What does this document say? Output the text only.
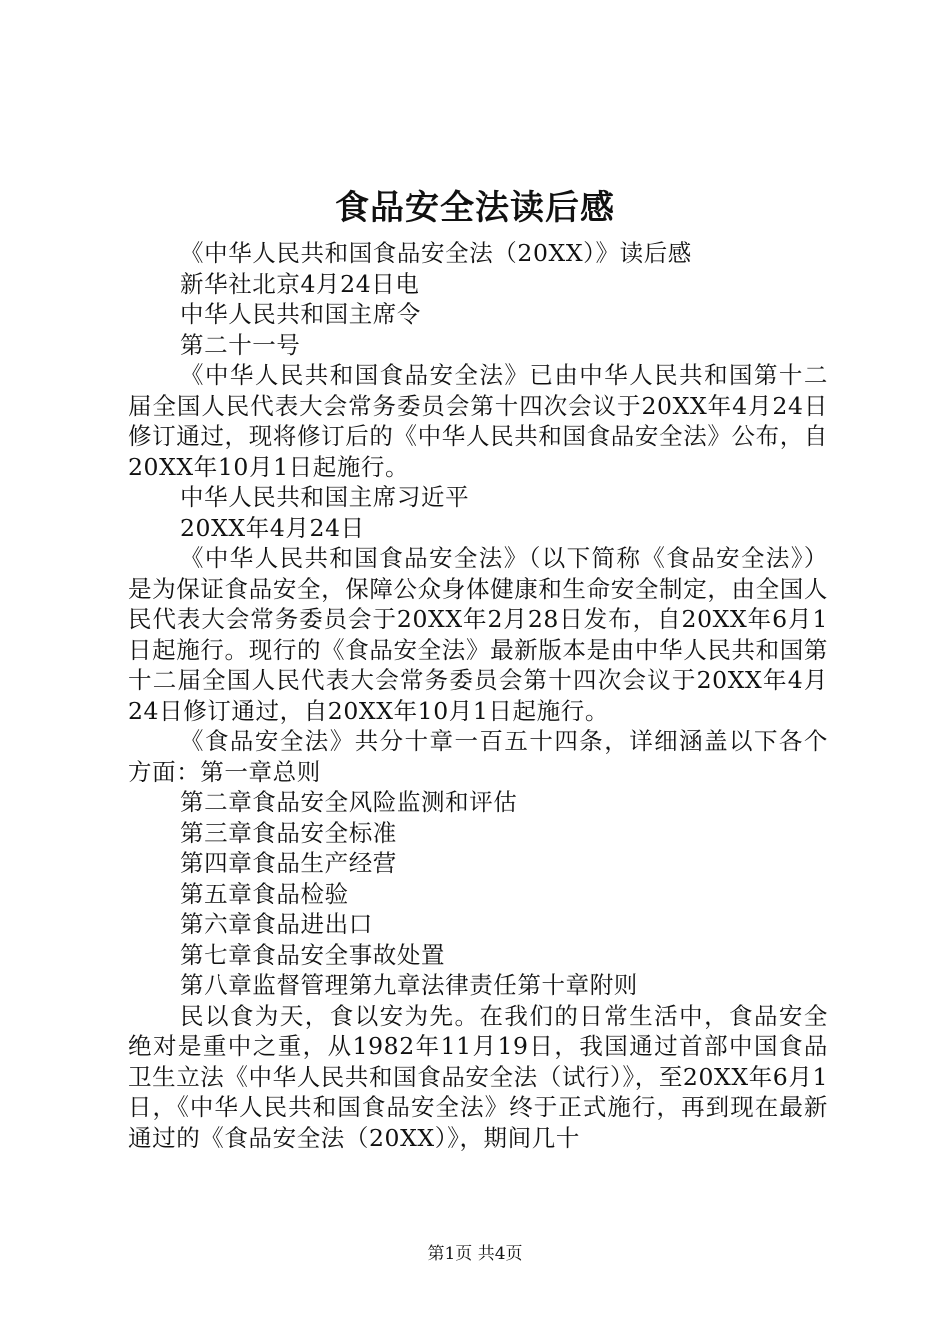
食品安全法读后感

《中华人民共和国食品安全法（20XX）》读后感

新华社北京4月24日电

中华人民共和国主席令

第二十一号

《中华人民共和国食品安全法》已由中华人民共和国第十二届全国人民代表大会常务委员会第十四次会议于20XX年4月24日修订通过，现将修订后的《中华人民共和国食品安全法》公布，自20XX年10月1日起施行。

中华人民共和国主席习近平

20XX年4月24日

《中华人民共和国食品安全法》（以下简称《食品安全法》）是为保证食品安全，保障公众身体健康和生命安全制定，由全国人民代表大会常务委员会于20XX年2月28日发布，自20XX年6月1日起施行。现行的《食品安全法》最新版本是由中华人民共和国第十二届全国人民代表大会常务委员会第十四次会议于20XX年4月24日修订通过，自20XX年10月1日起施行。

《食品安全法》共分十章一百五十四条，详细涵盖以下各个方面：第一章总则

第二章食品安全风险监测和评估

第三章食品安全标准

第四章食品生产经营

第五章食品检验

第六章食品进出口

第七章食品安全事故处置

第八章监督管理第九章法律责任第十章附则

民以食为天，食以安为先。在我们的日常生活中，食品安全绝对是重中之重，从1982年11月19日，我国通过首部中国食品卫生立法《中华人民共和国食品安全法（试行）》，至20XX年6月1日，《中华人民共和国食品安全法》终于正式施行，再到现在最新通过的《食品安全法（20XX）》，期间几十

第1页 共4页
